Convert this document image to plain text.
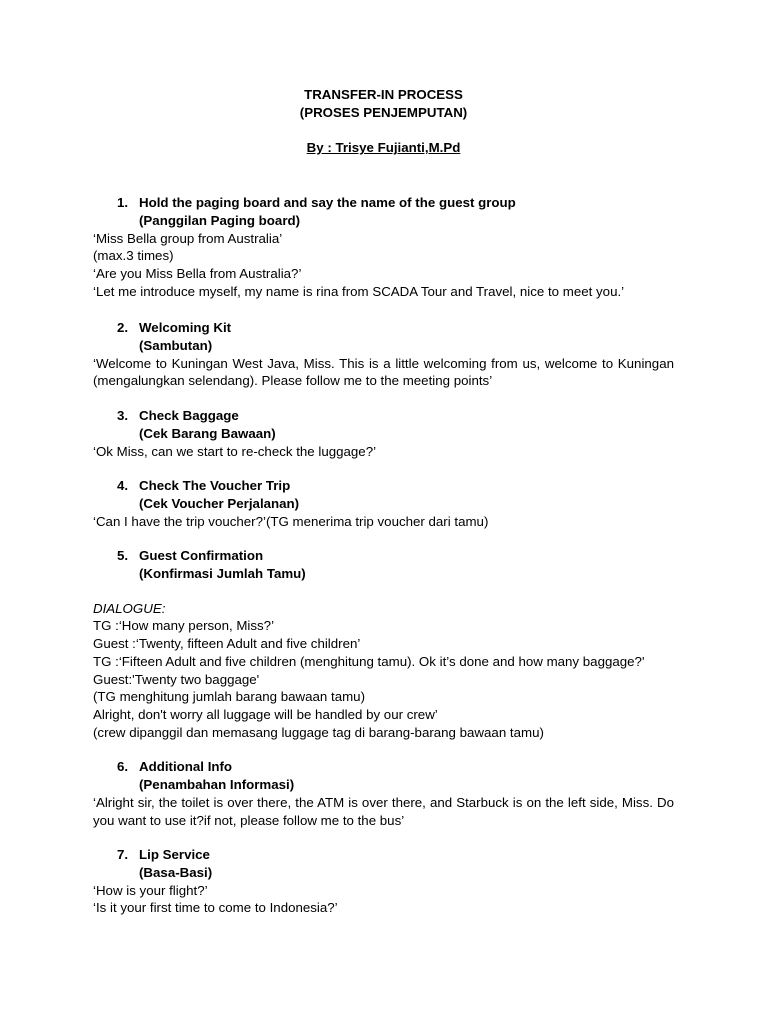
TRANSFER-IN PROCESS
(PROSES PENJEMPUTAN)
By : Trisye Fujianti,M.Pd
1. Hold the paging board and say the name of the guest group
(Panggilan Paging board)
‘Miss Bella group from Australia’
(max.3 times)
‘Are you Miss Bella from Australia?’
‘Let me introduce myself, my name is rina from SCADA Tour and Travel, nice to meet you.’
2. Welcoming Kit
(Sambutan)
‘Welcome to Kuningan West Java, Miss. This is a little welcoming from us, welcome to Kuningan (mengalungkan selendang). Please follow me to the meeting points’
3. Check Baggage
(Cek Barang Bawaan)
‘Ok Miss, can we start to re-check the luggage?’
4. Check The Voucher Trip
(Cek Voucher Perjalanan)
‘Can I have the trip voucher?’(TG menerima trip voucher dari tamu)
5. Guest Confirmation
(Konfirmasi Jumlah Tamu)
DIALOGUE:
TG :‘How many person, Miss?’
Guest :‘Twenty, fifteen Adult and five children’
TG :‘Fifteen Adult and five children (menghitung tamu). Ok it’s done and how many baggage?'
Guest:'Twenty two baggage'
(TG menghitung jumlah barang bawaan tamu)
Alright, don't worry all luggage will be handled by our crew’
(crew dipanggil dan memasang luggage tag di barang-barang bawaan tamu)
6. Additional Info
(Penambahan Informasi)
‘Alright sir, the toilet is over there, the ATM is over there, and Starbuck is on the left side, Miss. Do you want to use it?if not, please follow me to the bus’
7. Lip Service
(Basa-Basi)
‘How is your flight?’
‘Is it your first time to come to Indonesia?’
